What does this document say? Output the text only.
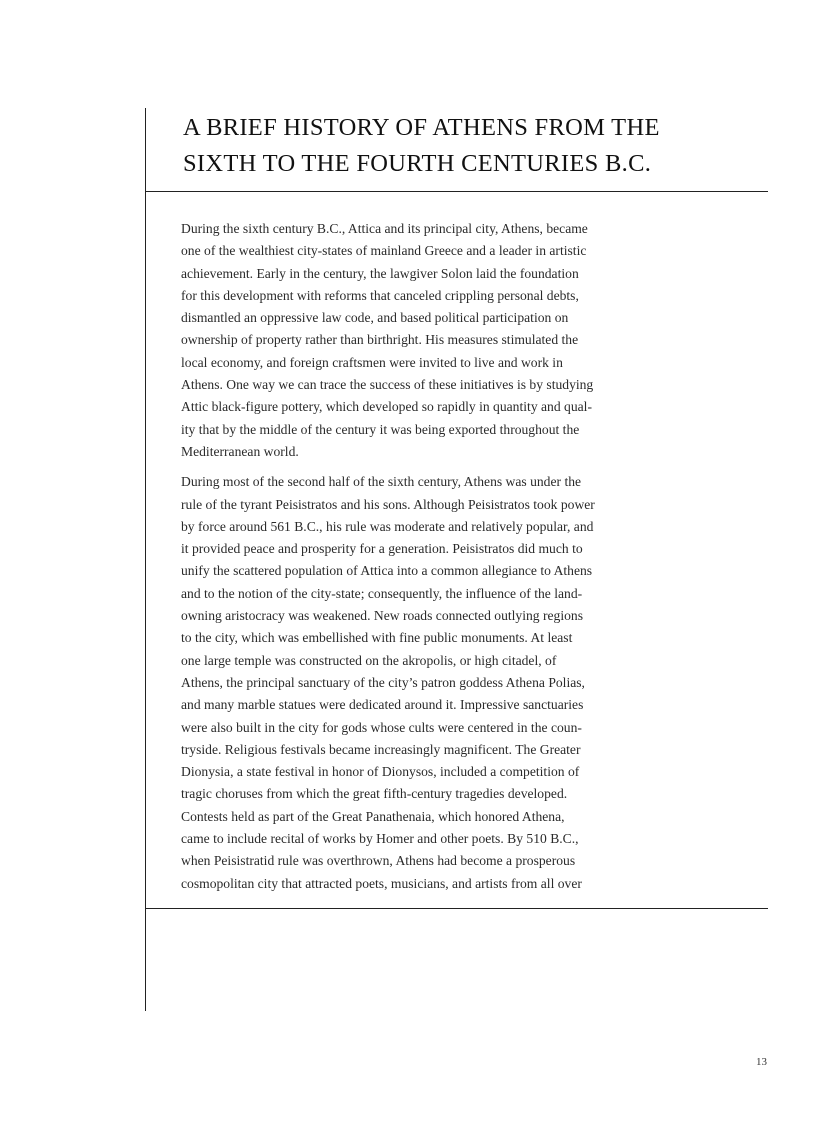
A BRIEF HISTORY OF ATHENS FROM THE
SIXTH TO THE FOURTH CENTURIES B.C.

During the sixth century B.C., Attica and its principal city, Athens, became
one of the wealthiest city-states of mainland Greece and a leader in artistic
achievement. Early in the century, the lawgiver Solon laid the foundation
for this development with reforms that canceled crippling personal debts,
dismantled an oppressive law code, and based political participation on
ownership of property rather than birthright. His measures stimulated the
local economy, and foreign craftsmen were invited to live and work in
Athens. One way we can trace the success of these initiatives is by studying
Attic black-figure pottery, which developed so rapidly in quantity and qual-
ity that by the middle of the century it was being exported throughout the
Mediterranean world.

During most of the second half of the sixth century, Athens was under the
rule of the tyrant Peisistratos and his sons. Although Peisistratos took power
by force around 561 B.C., his rule was moderate and relatively popular, and
it provided peace and prosperity for a generation. Peisistratos did much to
unify the scattered population of Attica into a common allegiance to Athens
and to the notion of the city-state; consequently, the influence of the land-
owning aristocracy was weakened. New roads connected outlying regions
to the city, which was embellished with fine public monuments. At least
one large temple was constructed on the akropolis, or high citadel, of
Athens, the principal sanctuary of the city’s patron goddess Athena Polias,
and many marble statues were dedicated around it. Impressive sanctuaries
were also built in the city for gods whose cults were centered in the coun-
tryside. Religious festivals became increasingly magnificent. The Greater
Dionysia, a state festival in honor of Dionysos, included a competition of
tragic choruses from which the great fifth-century tragedies developed.
Contests held as part of the Great Panathenaia, which honored Athena,
came to include recital of works by Homer and other poets. By 510 B.C.,
when Peisistratid rule was overthrown, Athens had become a prosperous
cosmopolitan city that attracted poets, musicians, and artists from all over

13
